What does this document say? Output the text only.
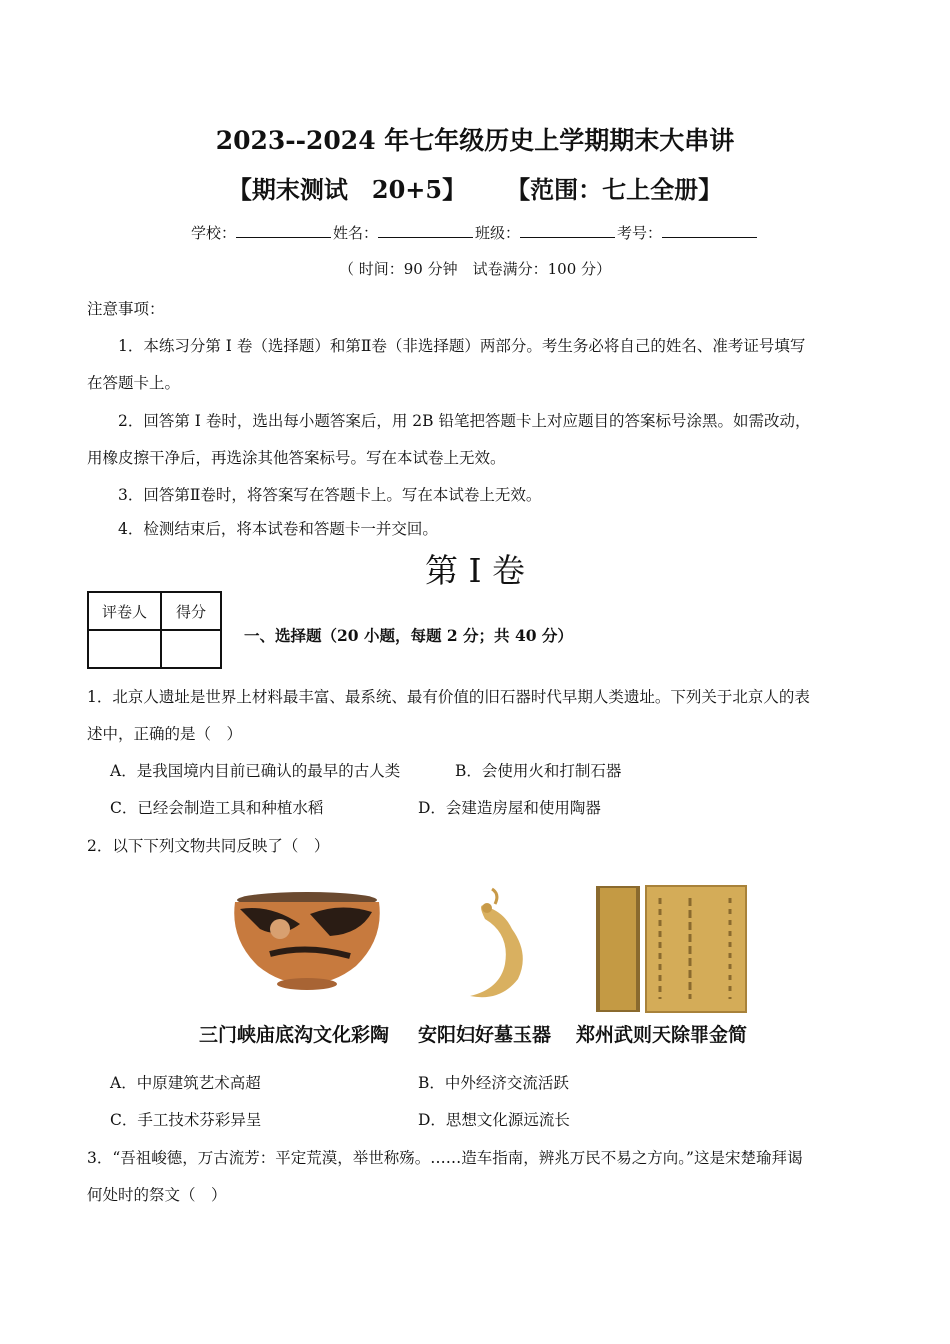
2023--2024 年七年级历史上学期期末大串讲
【期末测试　20+5】 【范围：七上全册】
学校：	姓名：	班级：	考号：
（ 时间：90 分钟　试卷满分：100 分）
注意事项：
1．本练习分第 I 卷（选择题）和第Ⅱ卷（非选择题）两部分。考生务必将自己的姓名、准考证号填写
在答题卡上。
2．回答第 I 卷时，选出每小题答案后，用 2B 铅笔把答题卡上对应题目的答案标号涂黑。如需改动，
用橡皮擦干净后，再选涂其他答案标号。写在本试卷上无效。
3．回答第Ⅱ卷时，将答案写在答题卡上。写在本试卷上无效。
4．检测结束后，将本试卷和答题卡一并交回。
第 I 卷
评卷人	得分

一、选择题（20 小题，每题 2 分；共 40 分）
1．北京人遗址是世界上材料最丰富、最系统、最有价值的旧石器时代早期人类遗址。下列关于北京人的表
述中，正确的是（　）
A．是我国境内目前已确认的最早的古人类	B．会使用火和打制石器
C．已经会制造工具和种植水稻	D．会建造房屋和使用陶器
2．以下下列文物共同反映了（　）
三门峡庙底沟文化彩陶 安阳妇好墓玉器 郑州武则天除罪金简
A．中原建筑艺术高超	B．中外经济交流活跃
C．手工技术芬彩异呈	D．思想文化源远流长
3．“吾祖峻德，万古流芳：平定荒漠，举世称殇。……造车指南，辨兆万民不易之方向。”这是宋楚瑜拜谒
何处时的祭文（　）
